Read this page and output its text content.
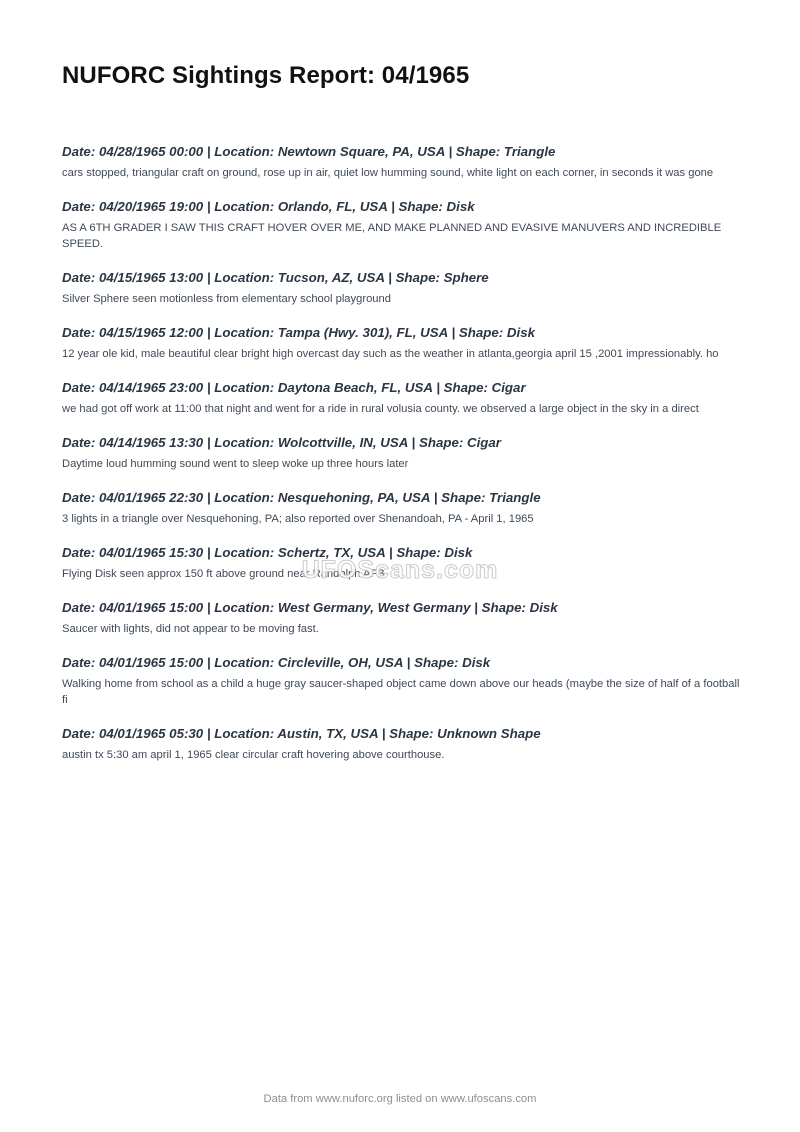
NUFORC Sightings Report: 04/1965

Date: 04/28/1965 00:00 | Location: Newtown Square, PA, USA | Shape: Triangle

cars stopped, triangular craft on ground, rose up in air, quiet low humming sound, white light on each corner, in seconds it was gone

Date: 04/20/1965 19:00 | Location: Orlando, FL, USA | Shape: Disk

AS A 6TH GRADER I SAW THIS CRAFT HOVER OVER ME, AND MAKE PLANNED AND EVASIVE MANUVERS AND INCREDIBLE SPEED.

Date: 04/15/1965 13:00 | Location: Tucson, AZ, USA | Shape: Sphere

Silver Sphere seen motionless from elementary school playground

Date: 04/15/1965 12:00 | Location: Tampa (Hwy. 301), FL, USA | Shape: Disk

12 year ole kid, male beautiful clear bright high overcast day such as the weather in atlanta,georgia april 15 ,2001 impressionably. ho

Date: 04/14/1965 23:00 | Location: Daytona Beach, FL, USA | Shape: Cigar

we had got off work at 11:00 that night and went for a ride in rural volusia county. we observed a large object in the sky in a direct

Date: 04/14/1965 13:30 | Location: Wolcottville, IN, USA | Shape: Cigar

Daytime loud humming sound went to sleep woke up three hours later

Date: 04/01/1965 22:30 | Location: Nesquehoning, PA, USA | Shape: Triangle

3 lights in a triangle over Nesquehoning, PA; also reported over Shenandoah, PA - April 1, 1965

Date: 04/01/1965 15:30 | Location: Schertz, TX, USA | Shape: Disk

Flying Disk seen approx 150 ft above ground near Randolph AFB

Date: 04/01/1965 15:00 | Location: West Germany, West Germany | Shape: Disk

Saucer with lights, did not appear to be moving fast.

Date: 04/01/1965 15:00 | Location: Circleville, OH, USA | Shape: Disk

Walking home from school as a child a huge gray saucer-shaped object came down above our heads (maybe the size of half of a football fi

Date: 04/01/1965 05:30 | Location: Austin, TX, USA | Shape: Unknown Shape

austin tx 5:30 am april 1, 1965 clear circular craft hovering above courthouse.

UFOScans.com
Data from www.nuforc.org listed on www.ufoscans.com
